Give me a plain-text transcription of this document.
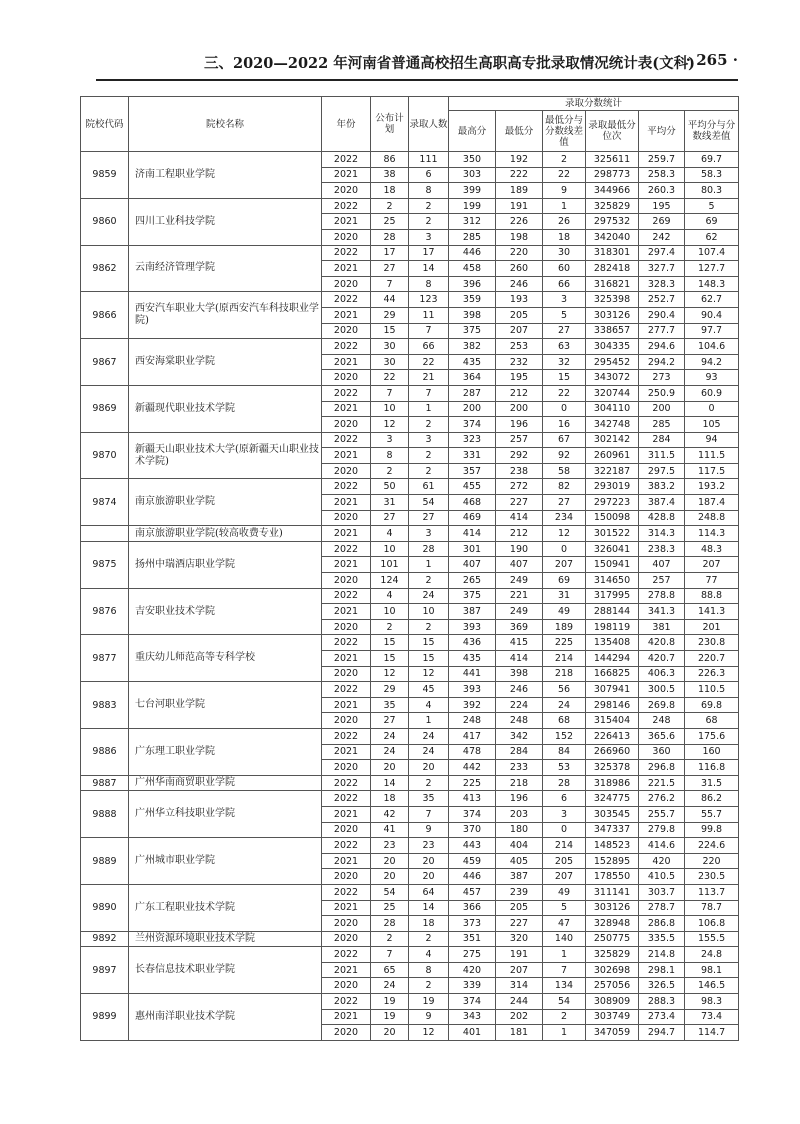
三、2020—2022 年河南省普通高校招生高职高专批录取情况统计表(文科)
· 265 ·
院校代码	院校名称	年份	公布计划	录取人数	录取分数统计					
					最高分	最低分	最低分与分数线差值	录取最低分位次	平均分	平均分与分数线差值
9859	济南工程职业学院	2022	86	111	350	192	2	325611	259.7	69.7
		2021	38	6	303	222	22	298773	258.3	58.3
		2020	18	8	399	189	9	344966	260.3	80.3
9860	四川工业科技学院	2022	2	2	199	191	1	325829	195	5
		2021	25	2	312	226	26	297532	269	69
		2020	28	3	285	198	18	342040	242	62
9862	云南经济管理学院	2022	17	17	446	220	30	318301	297.4	107.4
		2021	27	14	458	260	60	282418	327.7	127.7
		2020	7	8	396	246	66	316821	328.3	148.3
9866	西安汽车职业大学(原西安汽车科技职业学院)	2022	44	123	359	193	3	325398	252.7	62.7
		2021	29	11	398	205	5	303126	290.4	90.4
		2020	15	7	375	207	27	338657	277.7	97.7
9867	西安海棠职业学院	2022	30	66	382	253	63	304335	294.6	104.6
		2021	30	22	435	232	32	295452	294.2	94.2
		2020	22	21	364	195	15	343072	273	93
9869	新疆现代职业技术学院	2022	7	7	287	212	22	320744	250.9	60.9
		2021	10	1	200	200	0	304110	200	0
		2020	12	2	374	196	16	342748	285	105
9870	新疆天山职业技术大学(原新疆天山职业技术学院)	2022	3	3	323	257	67	302142	284	94
		2021	8	2	331	292	92	260961	311.5	111.5
		2020	2	2	357	238	58	322187	297.5	117.5
9874	南京旅游职业学院	2022	50	61	455	272	82	293019	383.2	193.2
		2021	31	54	468	227	27	297223	387.4	187.4
		2020	27	27	469	414	234	150098	428.8	248.8
	南京旅游职业学院(较高收费专业)	2021	4	3	414	212	12	301522	314.3	114.3
9875	扬州中瑞酒店职业学院	2022	10	28	301	190	0	326041	238.3	48.3
		2021	101	1	407	407	207	150941	407	207
		2020	124	2	265	249	69	314650	257	77
9876	吉安职业技术学院	2022	4	24	375	221	31	317995	278.8	88.8
		2021	10	10	387	249	49	288144	341.3	141.3
		2020	2	2	393	369	189	198119	381	201
9877	重庆幼儿师范高等专科学校	2022	15	15	436	415	225	135408	420.8	230.8
		2021	15	15	435	414	214	144294	420.7	220.7
		2020	12	12	441	398	218	166825	406.3	226.3
9883	七台河职业学院	2022	29	45	393	246	56	307941	300.5	110.5
		2021	35	4	392	224	24	298146	269.8	69.8
		2020	27	1	248	248	68	315404	248	68
9886	广东理工职业学院	2022	24	24	417	342	152	226413	365.6	175.6
		2021	24	24	478	284	84	266960	360	160
		2020	20	20	442	233	53	325378	296.8	116.8
9887	广州华南商贸职业学院	2022	14	2	225	218	28	318986	221.5	31.5
9888	广州华立科技职业学院	2022	18	35	413	196	6	324775	276.2	86.2
		2021	42	7	374	203	3	303545	255.7	55.7
		2020	41	9	370	180	0	347337	279.8	99.8
9889	广州城市职业学院	2022	23	23	443	404	214	148523	414.6	224.6
		2021	20	20	459	405	205	152895	420	220
		2020	20	20	446	387	207	178550	410.5	230.5
9890	广东工程职业技术学院	2022	54	64	457	239	49	311141	303.7	113.7
		2021	25	14	366	205	5	303126	278.7	78.7
		2020	28	18	373	227	47	328948	286.8	106.8
9892	兰州资源环境职业技术学院	2020	2	2	351	320	140	250775	335.5	155.5
9897	长春信息技术职业学院	2022	7	4	275	191	1	325829	214.8	24.8
		2021	65	8	420	207	7	302698	298.1	98.1
		2020	24	2	339	314	134	257056	326.5	146.5
9899	惠州南洋职业技术学院	2022	19	19	374	244	54	308909	288.3	98.3
		2021	19	9	343	202	2	303749	273.4	73.4
		2020	20	12	401	181	1	347059	294.7	114.7
